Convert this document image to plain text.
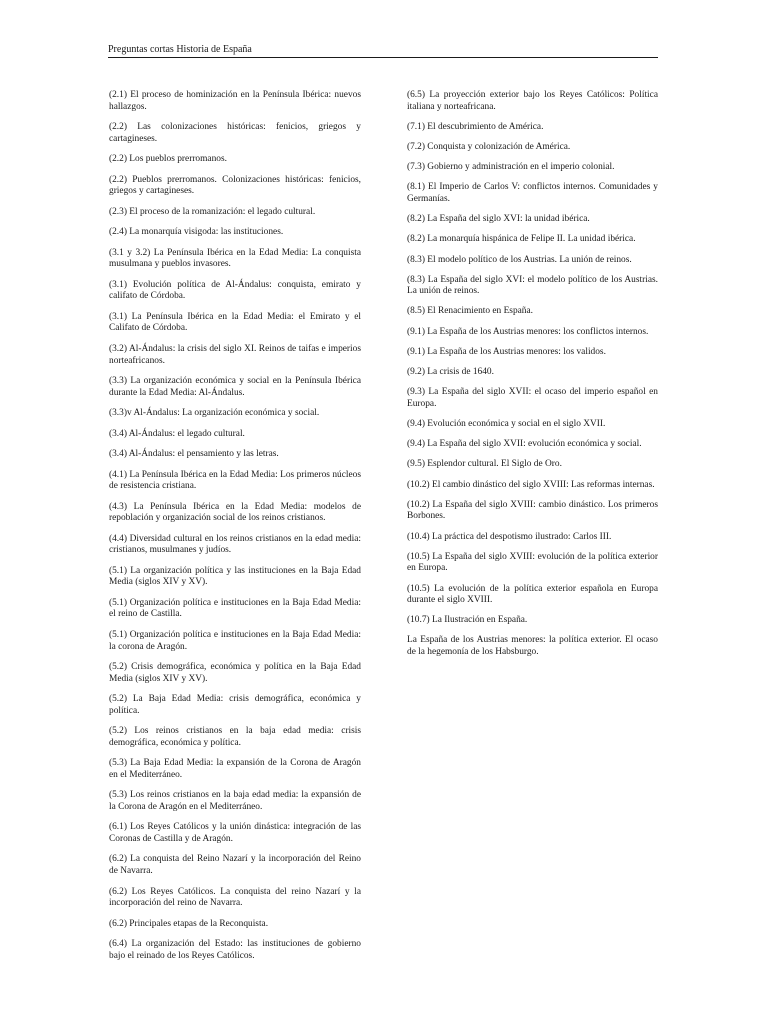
Preguntas cortas Historia de España

(2.1) El proceso de hominización en la Península Ibérica: nuevos hallazgos.

(2.2) Las colonizaciones históricas: fenicios, griegos y cartagineses.

(2.2) Los pueblos prerromanos.

(2.2) Pueblos prerromanos. Colonizaciones históricas: fenicios, griegos y cartagineses.

(2.3) El proceso de la romanización: el legado cultural.

(2.4) La monarquía visigoda: las instituciones.

(3.1 y 3.2) La Península Ibérica en la Edad Media: La conquista musulmana y pueblos invasores.

(3.1) Evolución política de Al-Ándalus: conquista, emirato y califato de Córdoba.

(3.1) La Península Ibérica en la Edad Media: el Emirato y el Califato de Córdoba.

(3.2) Al-Ándalus: la crisis del siglo XI. Reinos de taifas e imperios norteafricanos.

(3.3) La organización económica y social en la Península Ibérica durante la Edad Media: Al-Ándalus.

(3.3)v Al-Ándalus: La organización económica y social.

(3.4) Al-Ándalus: el legado cultural.

(3.4) Al-Ándalus: el pensamiento y las letras.

(4.1) La Península Ibérica en la Edad Media: Los primeros núcleos de resistencia cristiana.

(4.3) La Península Ibérica en la Edad Media: modelos de repoblación y organización social de los reinos cristianos.

(4.4) Diversidad cultural en los reinos cristianos en la edad media: cristianos, musulmanes y judíos.

(5.1) La organización política y las instituciones en la Baja Edad Media (siglos XIV y XV).

(5.1) Organización política e instituciones en la Baja Edad Media: el reino de Castilla.

(5.1) Organización política e instituciones en la Baja Edad Media: la corona de Aragón.

(5.2) Crisis demográfica, económica y política en la Baja Edad Media (siglos XIV y XV).

(5.2) La Baja Edad Media: crisis demográfica, económica y política.

(5.2) Los reinos cristianos en la baja edad media: crisis demográfica, económica y política.

(5.3) La Baja Edad Media: la expansión de la Corona de Aragón en el Mediterráneo.

(5.3) Los reinos cristianos en la baja edad media: la expansión de la Corona de Aragón en el Mediterráneo.

(6.1) Los Reyes Católicos y la unión dinástica: integración de las Coronas de Castilla y de Aragón.

(6.2) La conquista del Reino Nazarí y la incorporación del Reino de Navarra.

(6.2) Los Reyes Católicos. La conquista del reino Nazarí y la incorporación del reino de Navarra.

(6.2) Principales etapas de la Reconquista.

(6.4) La organización del Estado: las instituciones de gobierno bajo el reinado de los Reyes Católicos.

(6.5) La proyección exterior bajo los Reyes Católicos: Política italiana y norteafricana.

(7.1) El descubrimiento de América.

(7.2) Conquista y colonización de América.

(7.3) Gobierno y administración en el imperio colonial.

(8.1) El Imperio de Carlos V: conflictos internos. Comunidades y Germanías.

(8.2) La España del siglo XVI: la unidad ibérica.

(8.2) La monarquía hispánica de Felipe II. La unidad ibérica.

(8.3) El modelo político de los Austrias. La unión de reinos.

(8.3) La España del siglo XVI: el modelo político de los Austrias. La unión de reinos.

(8.5) El Renacimiento en España.

(9.1) La España de los Austrias menores: los conflictos internos.

(9.1) La España de los Austrias menores: los validos.

(9.2) La crisis de 1640.

(9.3) La España del siglo XVII: el ocaso del imperio español en Europa.

(9.4) Evolución económica y social en el siglo XVII.

(9.4) La España del siglo XVII: evolución económica y social.

(9.5) Esplendor cultural. El Siglo de Oro.

(10.2) El cambio dinástico del siglo XVIII: Las reformas internas.

(10.2) La España del siglo XVIII: cambio dinástico. Los primeros Borbones.

(10.4) La práctica del despotismo ilustrado: Carlos III.

(10.5) La España del siglo XVIII: evolución de la política exterior en Europa.

(10.5) La evolución de la política exterior española en Europa durante el siglo XVIII.

(10.7) La Ilustración en España.

La España de los Austrias menores: la política exterior. El ocaso de la hegemonía de los Habsburgo.
